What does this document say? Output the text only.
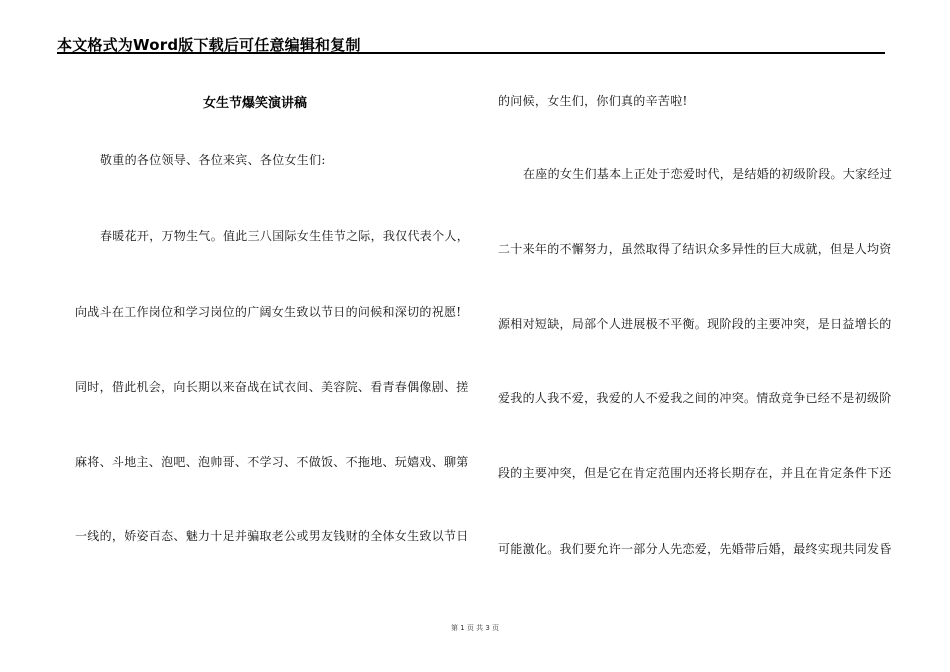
本文格式为Word版下载后可任意编辑和复制
女生节爆笑演讲稿
敬重的各位领导、各位来宾、各位女生们:
春暖花开，万物生气。值此三八国际女生佳节之际，我仅代表个人，
向战斗在工作岗位和学习岗位的广阔女生致以节日的问候和深切的祝愿!
同时，借此机会，向长期以来奋战在试衣间、美容院、看青春偶像剧、搓
麻将、斗地主、泡吧、泡帅哥、不学习、不做饭、不拖地、玩嬉戏、聊第
一线的，娇姿百态、魅力十足并骗取老公或男友钱财的全体女生致以节日
的问候，女生们，你们真的辛苦啦!
在座的女生们基本上正处于恋爱时代，是结婚的初级阶段。大家经过
二十来年的不懈努力，虽然取得了结识众多异性的巨大成就，但是人均资
源相对短缺，局部个人进展极不平衡。现阶段的主要冲突，是日益增长的
爱我的人我不爱，我爱的人不爱我之间的冲突。情敌竞争已经不是初级阶
段的主要冲突，但是它在肯定范围内还将长期存在，并且在肯定条件下还
可能激化。我们要允许一部分人先恋爱，先婚带后婚，最终实现共同发昏
第 1 页 共 3 页
